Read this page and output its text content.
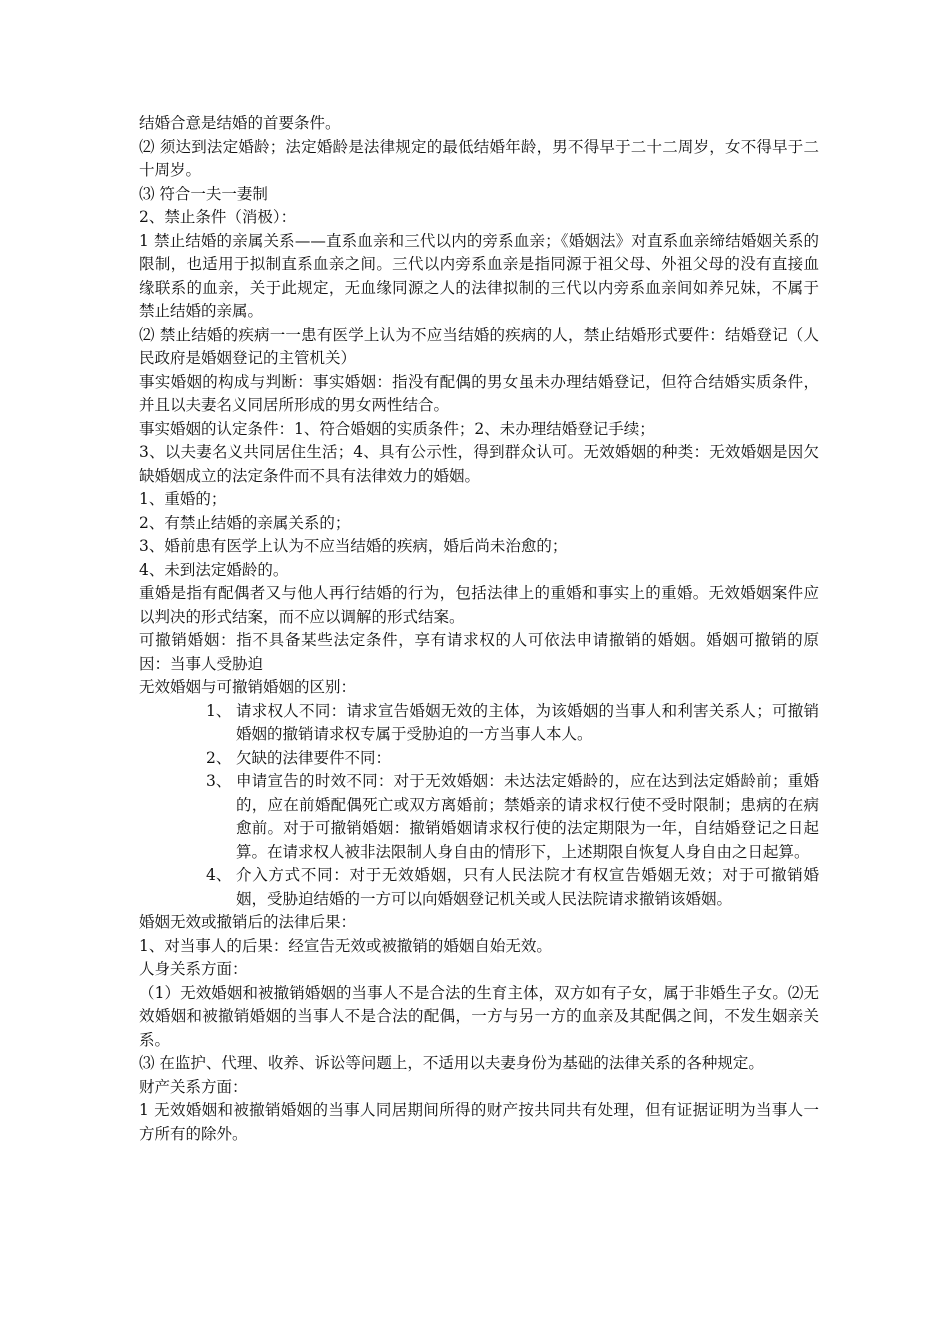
结婚合意是结婚的首要条件。

⑵ 须达到法定婚龄；法定婚龄是法律规定的最低结婚年龄，男不得早于二十二周岁，女不得早于二十周岁。

⑶ 符合一夫一妻制

2、禁止条件（消极）：

1 禁止结婚的亲属关系——直系血亲和三代以内的旁系血亲；《婚姻法》对直系血亲缔结婚姻关系的限制，也适用于拟制直系血亲之间。三代以内旁系血亲是指同源于祖父母、外祖父母的没有直接血缘联系的血亲，关于此规定，无血缘同源之人的法律拟制的三代以内旁系血亲间如养兄妹，不属于禁止结婚的亲属。

⑵ 禁止结婚的疾病一一患有医学上认为不应当结婚的疾病的人，禁止结婚形式要件：结婚登记（人民政府是婚姻登记的主管机关）

事实婚姻的构成与判断：事实婚姻：指没有配偶的男女虽未办理结婚登记，但符合结婚实质条件，并且以夫妻名义同居所形成的男女两性结合。

事实婚姻的认定条件：1、符合婚姻的实质条件；2、未办理结婚登记手续；

3、以夫妻名义共同居住生活；4、具有公示性，得到群众认可。无效婚姻的种类：无效婚姻是因欠缺婚姻成立的法定条件而不具有法律效力的婚姻。

1、重婚的；

2、有禁止结婚的亲属关系的；

3、婚前患有医学上认为不应当结婚的疾病，婚后尚未治愈的；

4、未到法定婚龄的。

重婚是指有配偶者又与他人再行结婚的行为，包括法律上的重婚和事实上的重婚。无效婚姻案件应以判决的形式结案，而不应以调解的形式结案。

可撤销婚姻：指不具备某些法定条件，享有请求权的人可依法申请撤销的婚姻。婚姻可撤销的原因：当事人受胁迫

无效婚姻与可撤销婚姻的区别：

1、 请求权人不同：请求宣告婚姻无效的主体，为该婚姻的当事人和利害关系人；可撤销婚姻的撤销请求权专属于受胁迫的一方当事人本人。
2、 欠缺的法律要件不同：
3、 申请宣告的时效不同：对于无效婚姻：未达法定婚龄的，应在达到法定婚龄前；重婚的，应在前婚配偶死亡或双方离婚前；禁婚亲的请求权行使不受时限制；患病的在病愈前。对于可撤销婚姻：撤销婚姻请求权行使的法定期限为一年，自结婚登记之日起算。在请求权人被非法限制人身自由的情形下，上述期限自恢复人身自由之日起算。
4、 介入方式不同：对于无效婚姻，只有人民法院才有权宣告婚姻无效；对于可撤销婚姻，受胁迫结婚的一方可以向婚姻登记机关或人民法院请求撤销该婚姻。

婚姻无效或撤销后的法律后果：

1、对当事人的后果：经宣告无效或被撤销的婚姻自始无效。

人身关系方面：

（1）无效婚姻和被撤销婚姻的当事人不是合法的生育主体，双方如有子女，属于非婚生子女。⑵无效婚姻和被撤销婚姻的当事人不是合法的配偶，一方与另一方的血亲及其配偶之间，不发生姻亲关系。

⑶ 在监护、代理、收养、诉讼等问题上，不适用以夫妻身份为基础的法律关系的各种规定。

财产关系方面：

1 无效婚姻和被撤销婚姻的当事人同居期间所得的财产按共同共有处理，但有证据证明为当事人一方所有的除外。
